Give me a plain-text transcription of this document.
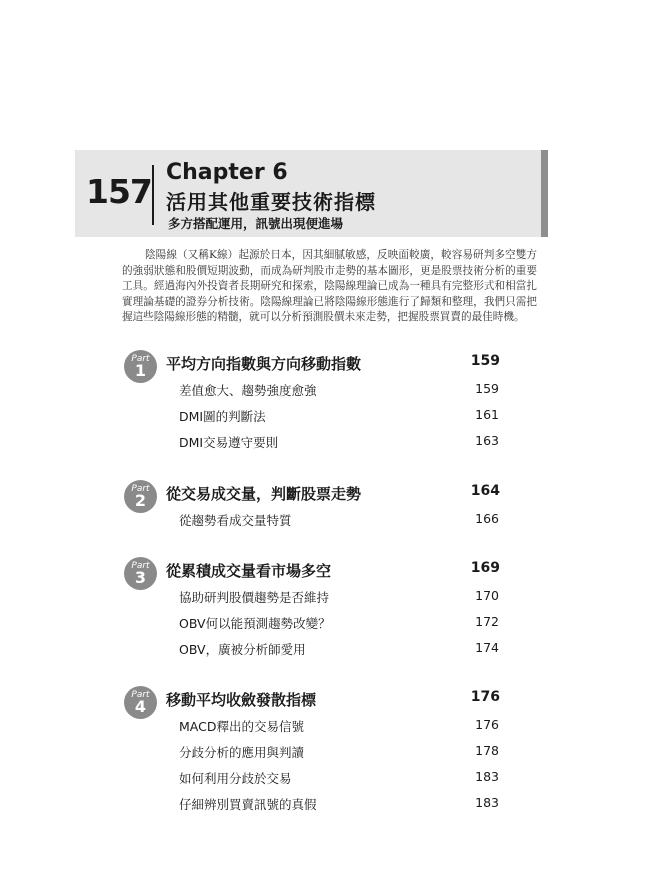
157 Chapter 6
活用其他重要技術指標
多方搭配運用，訊號出現便進場

陰陽線（又稱K線）起源於日本，因其細膩敏感，反映面較廣，較容易研判多空雙方的強弱狀態和股價短期波動，而成為研判股市走勢的基本圖形，更是股票技術分析的重要工具。經過海內外投資者長期研究和探索，陰陽線理論已成為一種具有完整形式和相當扎實理論基礎的證券分析技術。陰陽線理論已將陰陽線形態進行了歸類和整理，我們只需把握這些陰陽線形態的精髓，就可以分析預測股價未來走勢，把握股票買賣的最佳時機。

Part
1	平均方向指數與方向移動指數	159
差值愈大、趨勢強度愈強	159
DMI圖的判斷法	161
DMI交易遵守要則	163
Part
2	從交易成交量，判斷股票走勢	164
從趨勢看成交量特質	166
Part
3	從累積成交量看市場多空	169
協助研判股價趨勢是否維持	170
OBV何以能預測趨勢改變？	172
OBV，廣被分析師愛用	174
Part
4	移動平均收斂發散指標	176
MACD釋出的交易信號	176
分歧分析的應用與判讀	178
如何利用分歧於交易	183
仔細辨別買賣訊號的真假	183
